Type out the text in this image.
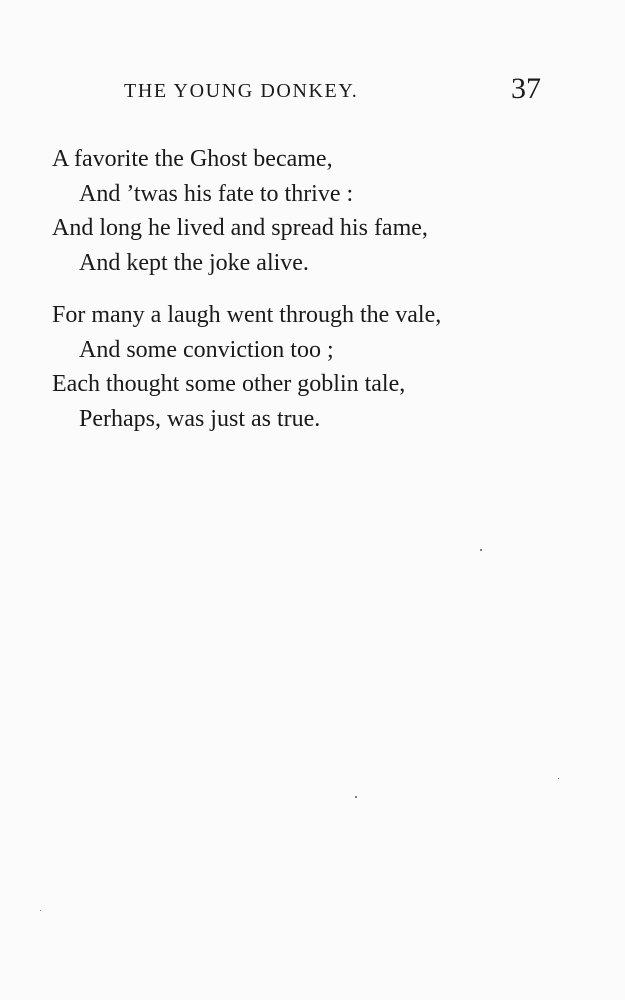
THE YOUNG DONKEY.	37

A favorite the Ghost became,
And ’twas his fate to thrive :
And long he lived and spread his fame,
And kept the joke alive.

For many a laugh went through the vale,
And some conviction too ;
Each thought some other goblin tale,
Perhaps, was just as true.
